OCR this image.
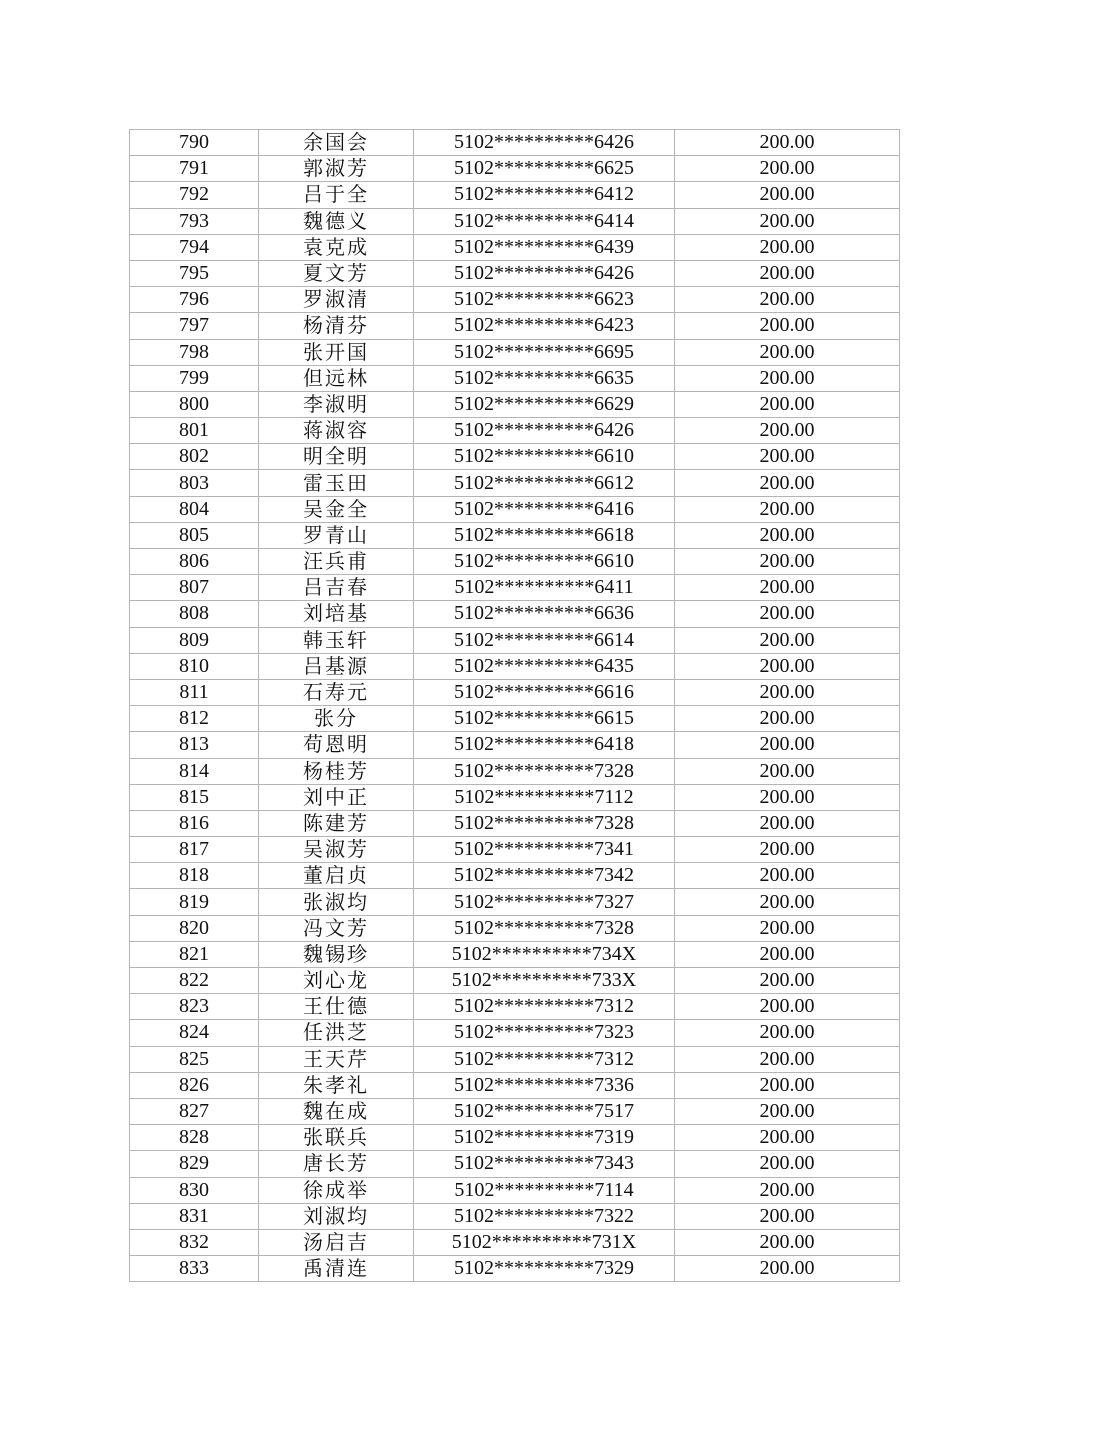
790	余国会	5102**********6426	200.00
791	郭淑芳	5102**********6625	200.00
792	吕于全	5102**********6412	200.00
793	魏德义	5102**********6414	200.00
794	袁克成	5102**********6439	200.00
795	夏文芳	5102**********6426	200.00
796	罗淑清	5102**********6623	200.00
797	杨清芬	5102**********6423	200.00
798	张开国	5102**********6695	200.00
799	但远林	5102**********6635	200.00
800	李淑明	5102**********6629	200.00
801	蒋淑容	5102**********6426	200.00
802	明全明	5102**********6610	200.00
803	雷玉田	5102**********6612	200.00
804	吴金全	5102**********6416	200.00
805	罗青山	5102**********6618	200.00
806	汪兵甫	5102**********6610	200.00
807	吕吉春	5102**********6411	200.00
808	刘培基	5102**********6636	200.00
809	韩玉轩	5102**********6614	200.00
810	吕基源	5102**********6435	200.00
811	石寿元	5102**********6616	200.00
812	张分	5102**********6615	200.00
813	苟恩明	5102**********6418	200.00
814	杨桂芳	5102**********7328	200.00
815	刘中正	5102**********7112	200.00
816	陈建芳	5102**********7328	200.00
817	吴淑芳	5102**********7341	200.00
818	董启贞	5102**********7342	200.00
819	张淑均	5102**********7327	200.00
820	冯文芳	5102**********7328	200.00
821	魏锡珍	5102**********734X	200.00
822	刘心龙	5102**********733X	200.00
823	王仕德	5102**********7312	200.00
824	任洪芝	5102**********7323	200.00
825	王天芹	5102**********7312	200.00
826	朱孝礼	5102**********7336	200.00
827	魏在成	5102**********7517	200.00
828	张联兵	5102**********7319	200.00
829	唐长芳	5102**********7343	200.00
830	徐成举	5102**********7114	200.00
831	刘淑均	5102**********7322	200.00
832	汤启吉	5102**********731X	200.00
833	禹清连	5102**********7329	200.00
